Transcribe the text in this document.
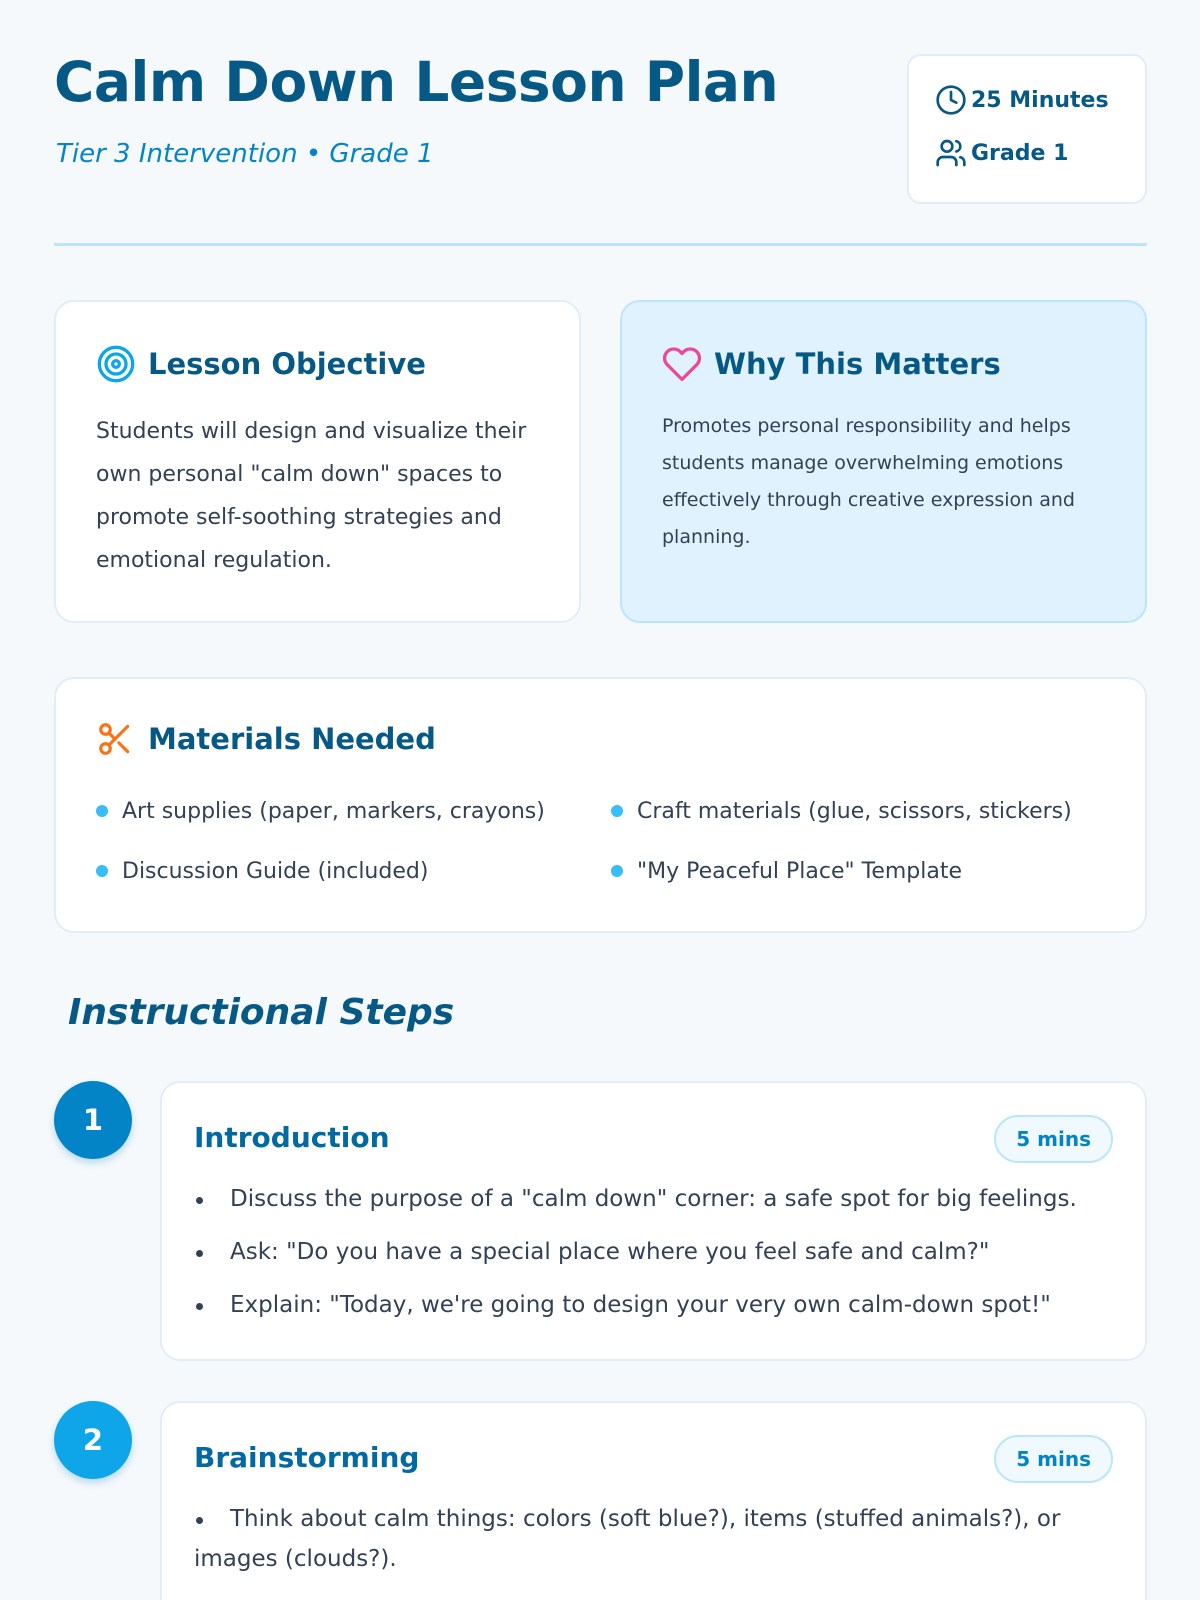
Calm Down Lesson Plan
Tier 3 Intervention • Grade 1
25 Minutes
Grade 1
Lesson Objective

Students will design and visualize their own personal "calm down" spaces to promote self-soothing strategies and emotional regulation.

Why This Matters

Promotes personal responsibility and helps students manage overwhelming emotions effectively through creative expression and planning.

Materials Needed
Art supplies (paper, markers, crayons)	Craft materials (glue, scissors, stickers)
Discussion Guide (included)	"My Peaceful Place" Template
Instructional Steps
1
Introduction	5 mins
Discuss the purpose of a "calm down" corner: a safe spot for big feelings.
Ask: "Do you have a special place where you feel safe and calm?"
Explain: "Today, we're going to design your very own calm-down spot!"
2
Brainstorming	5 mins
Think about calm things: colors (soft blue?), items (stuffed animals?), or images (clouds?).
